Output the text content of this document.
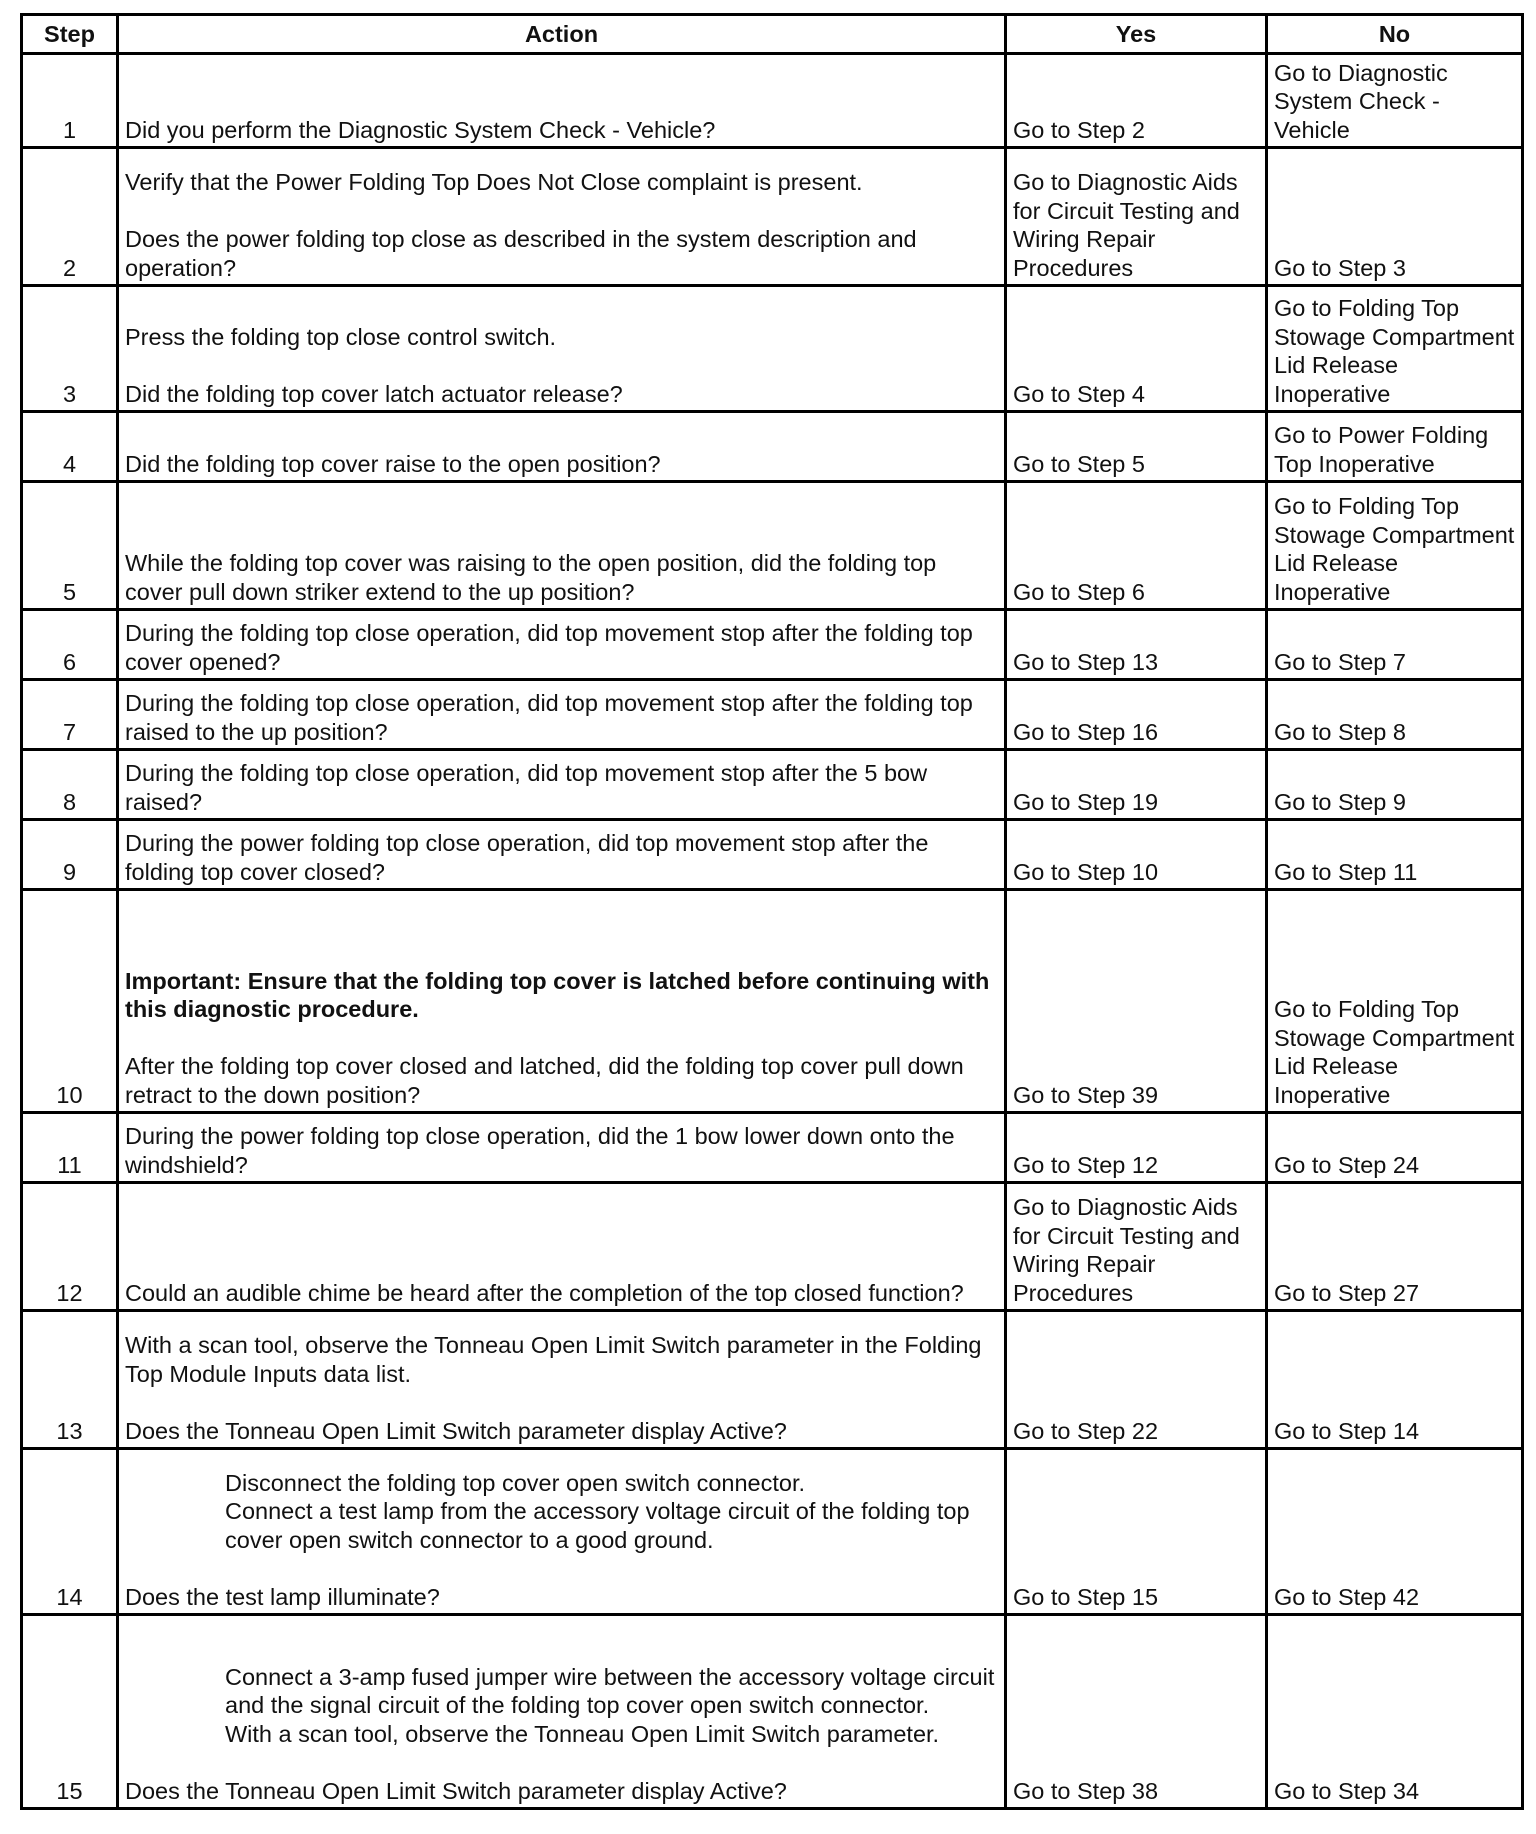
Step	Action	Yes	No
1	Did you perform the Diagnostic System Check - Vehicle?	Go to Step 2	Go to Diagnostic System Check - Vehicle
2	Verify that the Power Folding Top Does Not Close complaint is present.
Does the power folding top close as described in the system description and operation?	Go to Diagnostic Aids for Circuit Testing and Wiring Repair Procedures	Go to Step 3
3	Press the folding top close control switch.
Did the folding top cover latch actuator release?	Go to Step 4	Go to Folding Top Stowage Compartment Lid Release Inoperative
4	Did the folding top cover raise to the open position?	Go to Step 5	Go to Power Folding Top Inoperative
5	While the folding top cover was raising to the open position, did the folding top cover pull down striker extend to the up position?	Go to Step 6	Go to Folding Top Stowage Compartment Lid Release Inoperative
6	During the folding top close operation, did top movement stop after the folding top cover opened?	Go to Step 13	Go to Step 7
7	During the folding top close operation, did top movement stop after the folding top raised to the up position?	Go to Step 16	Go to Step 8
8	During the folding top close operation, did top movement stop after the 5 bow raised?	Go to Step 19	Go to Step 9
9	During the power folding top close operation, did top movement stop after the folding top cover closed?	Go to Step 10	Go to Step 11
10	Important: Ensure that the folding top cover is latched before continuing with this diagnostic procedure.
After the folding top cover closed and latched, did the folding top cover pull down retract to the down position?	Go to Step 39	Go to Folding Top Stowage Compartment Lid Release Inoperative
11	During the power folding top close operation, did the 1 bow lower down onto the windshield?	Go to Step 12	Go to Step 24
12	Could an audible chime be heard after the completion of the top closed function?	Go to Diagnostic Aids for Circuit Testing and Wiring Repair Procedures	Go to Step 27
13	With a scan tool, observe the Tonneau Open Limit Switch parameter in the Folding Top Module Inputs data list.
Does the Tonneau Open Limit Switch parameter display Active?	Go to Step 22	Go to Step 14
14	Disconnect the folding top cover open switch connector.
Connect a test lamp from the accessory voltage circuit of the folding top cover open switch connector to a good ground.
Does the test lamp illuminate?	Go to Step 15	Go to Step 42
15	Connect a 3-amp fused jumper wire between the accessory voltage circuit and the signal circuit of the folding top cover open switch connector.
With a scan tool, observe the Tonneau Open Limit Switch parameter.
Does the Tonneau Open Limit Switch parameter display Active?	Go to Step 38	Go to Step 34
